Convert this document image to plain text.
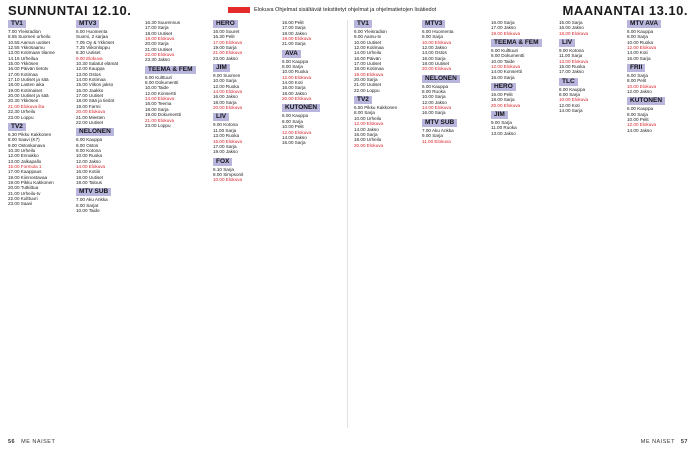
SUNNUNTAI 12.10.	Elokuva Ohjelmat sisältävät tekstitetyt ohjelmat ja ohjelmatietojen lisätiedot	MAANANTAI 13.10.
TV1
7.00 Yleisradion
8.55 Suomen urheilu
10.55 Aamun uutiset
12.55 Ykkösaamu
13.00 Kotimaan tilanne
14.15 Urheilua
15.00 Ykkösen
16.00 Päivän tietotv
17.00 Kotimaa
17.10 Uutiset ja sää
18.00 Lasten aika
19.00 Kotimaiset
20.00 Uutiset ja sää
20.30 Ykkösen
21.00 Elokuva ilta
22.30 Urheilu
23.00 Loppu
TV2
6.30 Pikku Kakkonen
8.00 Saavi (K7)
9.00 Ostoskanava
10.30 Urheilu
12.00 Ennakko
13.00 Jalkapallo
15.00 Formula 1
17.00 Kaappaus
18.00 Kiinnostavaa
19.00 Pikku Kakkonen
20.00 Tutkittua
21.00 Urheilu-tv
22.00 Kulttuuri
23.00 Saavi
MTV3
6.00 Huomenta
Suomi, 2 sarjaa
7.05 Oy & Ykköset
7.25 Viikonloppu
8.30 Uutiset
9.00 Elokuva
10.30 Salatut elämät
12.00 Kauppa
13.00 Ostos
14.00 Kotimaa
15.00 Viikon jakso
16.00 Jaakko
17.00 Uutiset
18.00 Sää ja tiedot
19.00 Farmi
20.00 Elokuva
21.00 Miesten
22.00 Uutiset
NELONEN
6.00 Kauppa
8.00 Ostos
9.00 Kotona
10.00 Ruoka
12.00 Jakso
14.00 Elokuva
16.00 Kotiin
18.00 Uutiset
19.00 Talous
MTV SUB
7.00 Aku Ankka
8.00 Sarjat
10.00 Taide
16.30 Suurennus
17.00 Sarja
18.00 Uutiset
19.00 Elokuva
20.00 Sarja
21.00 Uutiset
22.00 Elokuva
23.30 Jakso
TEEMA & FEM
6.00 Kulttuuri
8.00 Dokumentti
10.00 Taide
12.00 Konsertti
14.00 Elokuva
16.00 Teema
18.00 Sarja
19.00 Dokumentti
21.00 Elokuva
23.00 Loppu
HERO
16.00 Suuret
16.30 Pelit
17.00 Elokuva
19.00 Sarja
21.00 Elokuva
23.00 Jakso
JIM
9.00 Suomen
10.00 Sarja
12.00 Ruoka
14.00 Elokuva
16.00 Jakso
18.00 Sarja
20.00 Elokuva
LIV
9.00 Kotona
11.00 Sarja
13.00 Ruoka
15.00 Elokuva
17.00 Sarja
19.00 Jakso
FOX
6.10 Sarja
8.00 Simpsonit
10.00 Elokuva
16.00 Pelit
17.00 Sarja
18.00 Jakso
19.00 Elokuva
21.00 Sarja
AVA
6.00 Kauppa
8.00 Sarja
10.00 Ruoka
12.00 Elokuva
14.00 Koti
16.00 Sarja
18.00 Jakso
20.00 Elokuva
KUTONEN
6.00 Kauppa
8.00 Sarja
10.00 Pelit
12.00 Elokuva
14.00 Jakso
16.00 Sarja
TV1
6.00 Yleisradion
9.00 Aamu-tv
10.00 Uutiset
12.00 Kotimaa
14.00 Urheilu
16.00 Päivän
17.00 Uutiset
18.00 Kotimaa
19.00 Elokuva
20.00 Sarja
21.00 Uutiset
22.00 Loppu
TV2
6.50 Pikku Kakkonen
8.00 Sarja
10.00 Urheilu
12.00 Elokuva
14.00 Jakso
16.00 Sarja
18.00 Urheilu
20.00 Elokuva
MTV3
6.00 Huomenta
8.00 Sarja
10.00 Elokuva
12.00 Jakso
14.00 Ostos
16.00 Sarja
18.00 Uutiset
20.00 Elokuva
NELONEN
6.00 Kauppa
8.00 Ruoka
10.00 Sarja
12.00 Jakso
14.00 Elokuva
16.00 Sarja
MTV SUB
7.00 Aku Ankka
9.00 Sarja
11.00 Elokuva
16.00 Sarja
17.00 Jakso
19.00 Elokuva
TEEMA & FEM
6.00 Kulttuuri
8.00 Dokumentti
10.00 Taide
12.00 Elokuva
14.00 Konsertti
16.00 Sarja
HERO
16.00 Pelit
18.00 Sarja
20.00 Elokuva
JIM
9.00 Sarja
11.00 Ruoka
13.00 Jakso
15.00 Sarja
16.00 Jakso
18.00 Elokuva
LIV
9.00 Kotona
11.00 Sarja
13.00 Elokuva
15.00 Ruoka
17.00 Jakso
TLC
6.00 Kauppa
8.00 Sarja
10.00 Elokuva
12.00 Koti
14.00 Sarja
MTV AVA
6.00 Kauppa
8.00 Sarja
10.00 Ruoka
12.00 Elokuva
14.00 Koti
16.00 Sarja
FRII
6.00 Sarja
8.00 Pelit
10.00 Elokuva
12.00 Jakso
KUTONEN
6.00 Kauppa
8.00 Sarja
10.00 Pelit
12.00 Elokuva
14.00 Jakso
56 ME NAISET	ME NAISET 57
